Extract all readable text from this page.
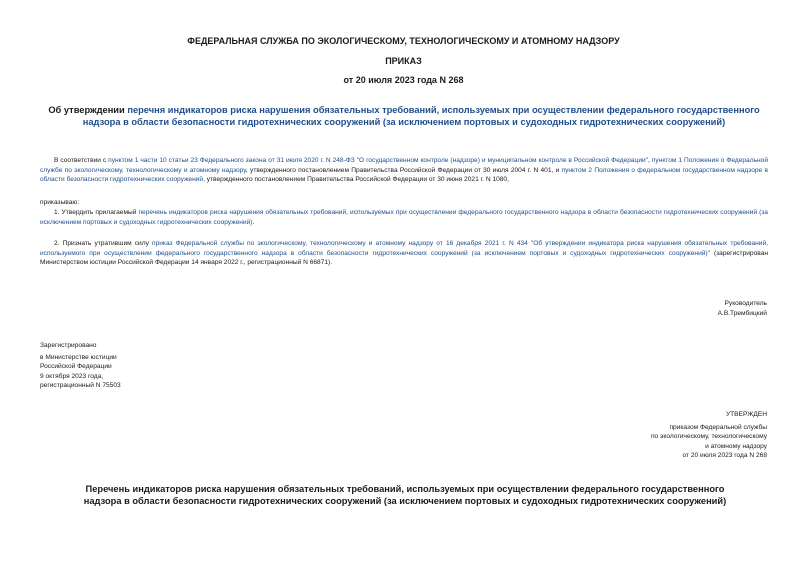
ФЕДЕРАЛЬНАЯ СЛУЖБА ПО ЭКОЛОГИЧЕСКОМУ, ТЕХНОЛОГИЧЕСКОМУ И АТОМНОМУ НАДЗОРУ
ПРИКАЗ
от 20 июля 2023 года N 268
Об утверждении перечня индикаторов риска нарушения обязательных требований, используемых при осуществлении федерального государственного надзора в области безопасности гидротехнических сооружений (за исключением портовых и судоходных гидротехнических сооружений)
В соответствии с пунктом 1 части 10 статьи 23 Федерального закона от 31 июля 2020 г. N 248-ФЗ "О государственном контроле (надзоре) и муниципальном контроле в Российской Федерации", пунктом 1 Положения о Федеральной службе по экологическому, технологическому и атомному надзору, утвержденного постановлением Правительства Российской Федерации от 30 июля 2004 г. N 401, и пунктом 2 Положения о федеральном государственном надзоре в области безопасности гидротехнических сооружений, утвержденного постановлением Правительства Российской Федерации от 30 июня 2021 г. N 1080,
приказываю:
1. Утвердить прилагаемый перечень индикаторов риска нарушения обязательных требований, используемых при осуществлении федерального государственного надзора в области безопасности гидротехнических сооружений (за исключением портовых и судоходных гидротехнических сооружений).
2. Признать утратившим силу приказ Федеральной службы по экологическому, технологическому и атомному надзору от 16 декабря 2021 г. N 434 "Об утверждении индикатора риска нарушения обязательных требований, используемого при осуществлении федерального государственного надзора в области безопасности гидротехнических сооружений (за исключением портовых и судоходных гидротехнических сооружений)" (зарегистрирован Министерством юстиции Российской Федерации 14 января 2022 г., регистрационный N 66871).
Руководитель
А.В.Трембицкий
Зарегистрировано
в Министерстве юстиции
Российской Федерации
9 октября 2023 года,
регистрационный N 75503
УТВЕРЖДЕН
приказом Федеральной службы
по экологическому, технологическому
и атомному надзору
от 20 июля 2023 года N 268
Перечень индикаторов риска нарушения обязательных требований, используемых при осуществлении федерального государственного надзора в области безопасности гидротехнических сооружений (за исключением портовых и судоходных гидротехнических сооружений)
